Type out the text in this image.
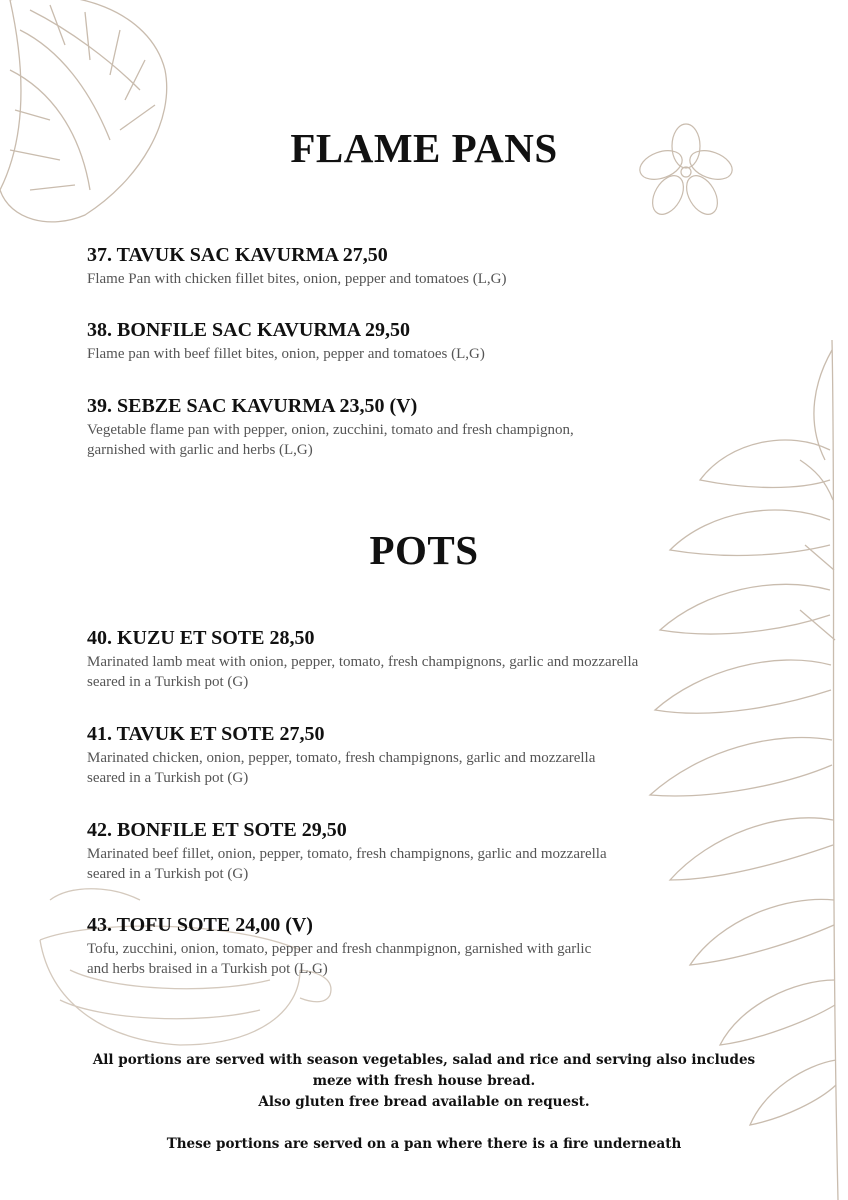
FLAME PANS

37. TAVUK SAC KAVURMA 27,50

Flame Pan with chicken fillet bites, onion, pepper and tomatoes (L,G)

38. BONFILE SAC KAVURMA 29,50

Flame pan with beef fillet bites, onion, pepper and tomatoes (L,G)

39. SEBZE SAC KAVURMA 23,50 (V)

Vegetable flame pan with pepper, onion, zucchini, tomato and fresh champignon,
garnished with garlic and herbs (L,G)

POTS

40. KUZU ET SOTE 28,50

Marinated lamb meat with onion, pepper, tomato, fresh champignons, garlic and mozzarella
seared in a Turkish pot (G)

41. TAVUK ET SOTE 27,50

Marinated chicken, onion, pepper, tomato, fresh champignons, garlic and mozzarella
seared in a Turkish pot (G)

42. BONFILE ET SOTE 29,50

Marinated beef fillet, onion, pepper, tomato, fresh champignons, garlic and mozzarella
seared in a Turkish pot (G)

43. TOFU SOTE 24,00 (V)

Tofu, zucchini, onion, tomato, pepper and fresh chanmpignon, garnished with garlic
and herbs braised in a Turkish pot (L,G)

All portions are served with season vegetables, salad and rice and serving also includes

meze with fresh house bread.

Also gluten free bread available on request.

These portions are served on a pan where there is a fire underneath
